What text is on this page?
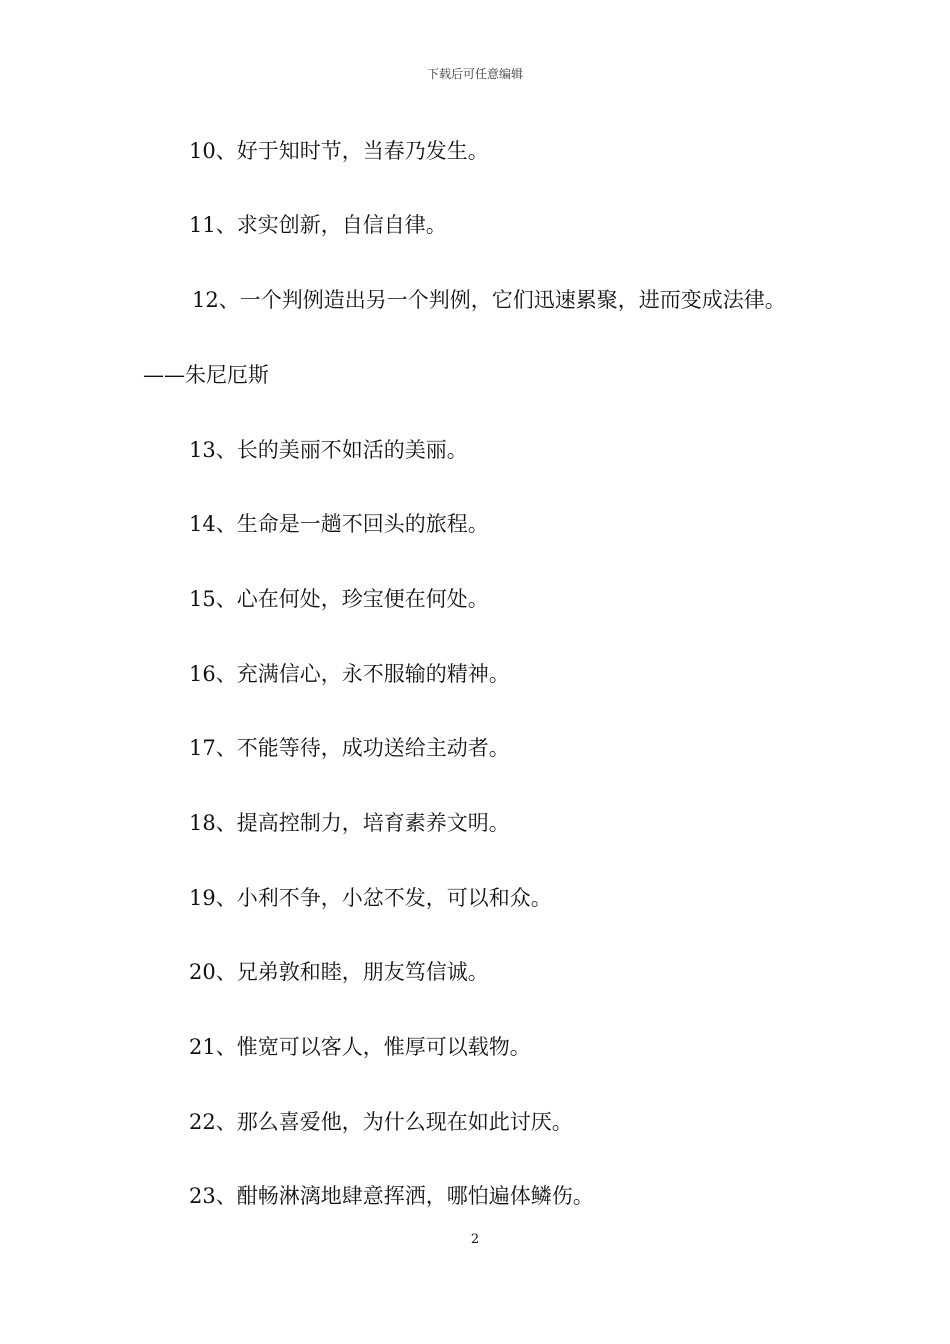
下载后可任意编辑
10、好于知时节，当春乃发生。
11、求实创新，自信自律。
12、一个判例造出另一个判例，它们迅速累聚，进而变成法律。
——朱尼厄斯
13、长的美丽不如活的美丽。
14、生命是一趟不回头的旅程。
15、心在何处，珍宝便在何处。
16、充满信心，永不服输的精神。
17、不能等待，成功送给主动者。
18、提高控制力，培育素养文明。
19、小利不争，小忿不发，可以和众。
20、兄弟敦和睦，朋友笃信诚。
21、惟宽可以客人，惟厚可以载物。
22、那么喜爱他，为什么现在如此讨厌。
23、酣畅淋漓地肆意挥洒，哪怕遍体鳞伤。
2
